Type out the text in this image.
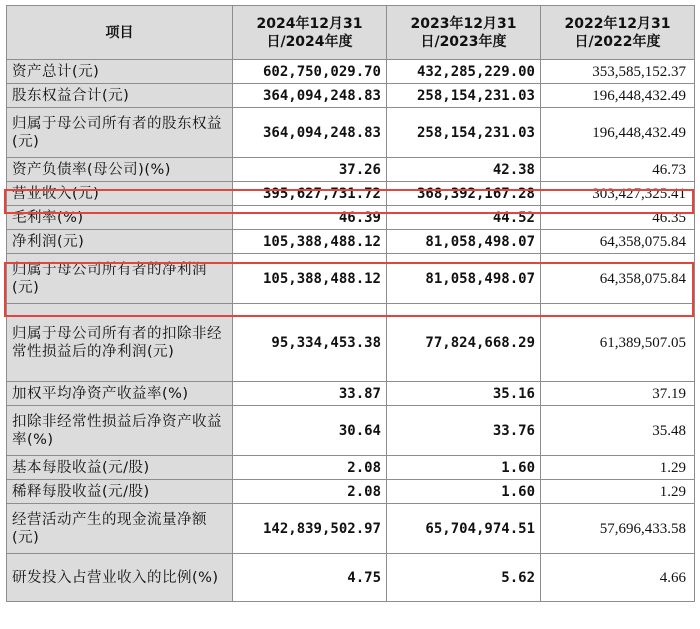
项目	2024年12月31日/2024年度	2023年12月31日/2023年度	2022年12月31日/2022年度
资产总计(元)	602,750,029.70	432,285,229.00	353,585,152.37
股东权益合计(元)	364,094,248.83	258,154,231.03	196,448,432.49
归属于母公司所有者的股东权益(元)	364,094,248.83	258,154,231.03	196,448,432.49
资产负债率(母公司)(%)	37.26	42.38	46.73
营业收入(元)	395,627,731.72	368,392,167.28	303,427,325.41
毛利率(%)	46.39	44.52	46.35
净利润(元)	105,388,488.12	81,058,498.07	64,358,075.84
归属于母公司所有者的净利润(元)	105,388,488.12	81,058,498.07	64,358,075.84
归属于母公司所有者的扣除非经常性损益后的净利润(元)	95,334,453.38	77,824,668.29	61,389,507.05
加权平均净资产收益率(%)	33.87	35.16	37.19
扣除非经常性损益后净资产收益率(%)	30.64	33.76	35.48
基本每股收益(元/股)	2.08	1.60	1.29
稀释每股收益(元/股)	2.08	1.60	1.29
经营活动产生的现金流量净额(元)	142,839,502.97	65,704,974.51	57,696,433.58
研发投入占营业收入的比例(%)	4.75	5.62	4.66
